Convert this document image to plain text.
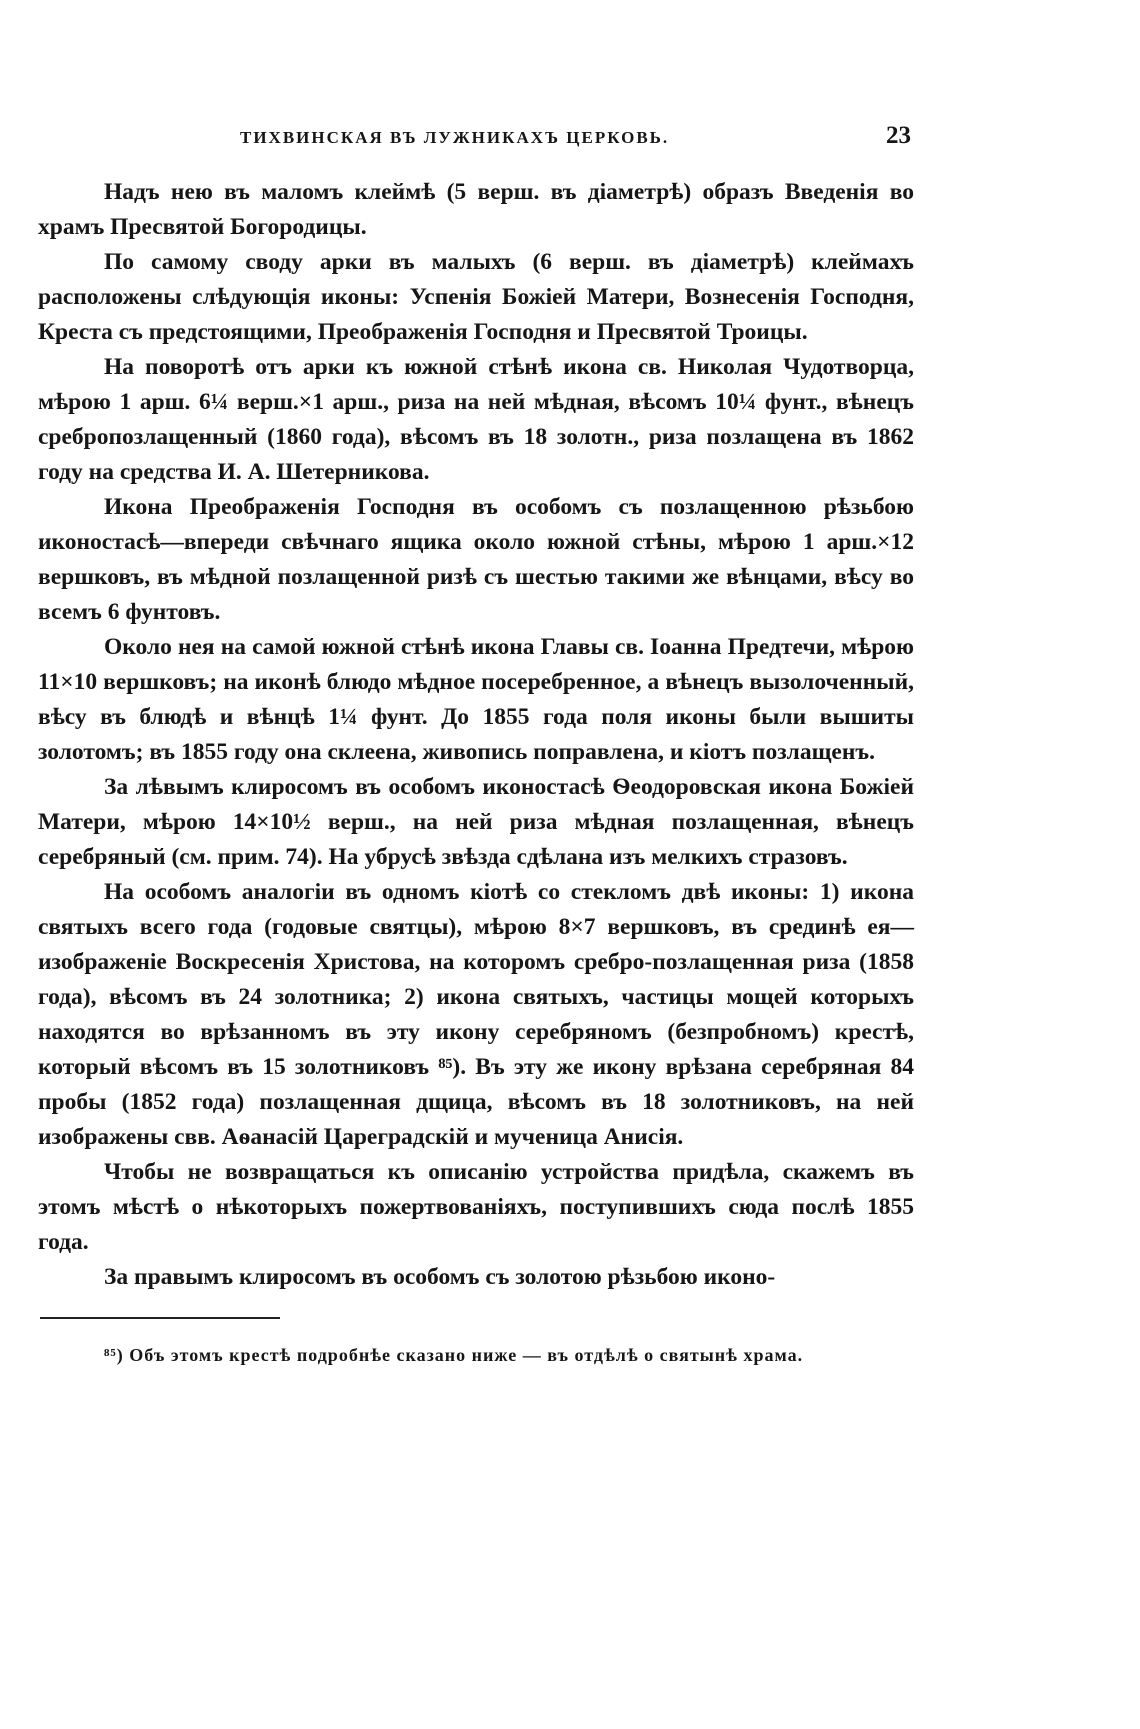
ТИХВИНСКАЯ ВЪ ЛУЖНИКАХЪ ЦЕРКОВЬ.	23

Надъ нею въ маломъ клеймѣ (5 верш. въ діаметрѣ) образъ Введенія во храмъ Пресвятой Богородицы.

По самому своду арки въ малыхъ (6 верш. въ діаметрѣ) клеймахъ расположены слѣдующія иконы: Успенія Божіей Матери, Вознесенія Господня, Креста съ предстоящими, Преображенія Господня и Пресвятой Троицы.

На поворотѣ отъ арки къ южной стѣнѣ икона св. Николая Чудотворца, мѣрою 1 арш. 6¼ верш.×1 арш., риза на ней мѣдная, вѣсомъ 10¼ фунт., вѣнецъ сребропозлащенный (1860 года), вѣсомъ въ 18 золотн., риза позлащена въ 1862 году на средства И. А. Шетерникова.

Икона Преображенія Господня въ особомъ съ позлащенною рѣзьбою иконостасѣ—впереди свѣчнаго ящика около южной стѣны, мѣрою 1 арш.×12 вершковъ, въ мѣдной позлащенной ризѣ съ шестью такими же вѣнцами, вѣсу во всемъ 6 фунтовъ.

Около нея на самой южной стѣнѣ икона Главы св. Іоанна Предтечи, мѣрою 11×10 вершковъ; на иконѣ блюдо мѣдное посеребренное, а вѣнецъ вызолоченный, вѣсу въ блюдѣ и вѣнцѣ 1¼ фунт. До 1855 года поля иконы были вышиты золотомъ; въ 1855 году она склеена, живопись поправлена, и кіотъ позлащенъ.

За лѣвымъ клиросомъ въ особомъ иконостасѣ Ѳеодоровская икона Божіей Матери, мѣрою 14×10½ верш., на ней риза мѣдная позлащенная, вѣнецъ серебряный (см. прим. 74). На убрусѣ звѣзда сдѣлана изъ мелкихъ стразовъ.

На особомъ аналогіи въ одномъ кіотѣ со стекломъ двѣ иконы: 1) икона святыхъ всего года (годовые святцы), мѣрою 8×7 вершковъ, въ срединѣ ея—изображеніе Воскресенія Христова, на которомъ сребро-позлащенная риза (1858 года), вѣсомъ въ 24 золотника; 2) икона святыхъ, частицы мощей которыхъ находятся во врѣзанномъ въ эту икону серебряномъ (безпробномъ) крестѣ, который вѣсомъ въ 15 золотниковъ ⁸⁵). Въ эту же икону врѣзана серебряная 84 пробы (1852 года) позлащенная дщица, вѣсомъ въ 18 золотниковъ, на ней изображены свв. Аѳанасій Цареградскій и мученица Анисія.

Чтобы не возвращаться къ описанію устройства придѣла, скажемъ въ этомъ мѣстѣ о нѣкоторыхъ пожертвованіяхъ, поступившихъ сюда послѣ 1855 года.

За правымъ клиросомъ въ особомъ съ золотою рѣзьбою иконо-

⁸⁵) Объ этомъ крестѣ подробнѣе сказано ниже — въ отдѣлѣ о святынѣ храма.
